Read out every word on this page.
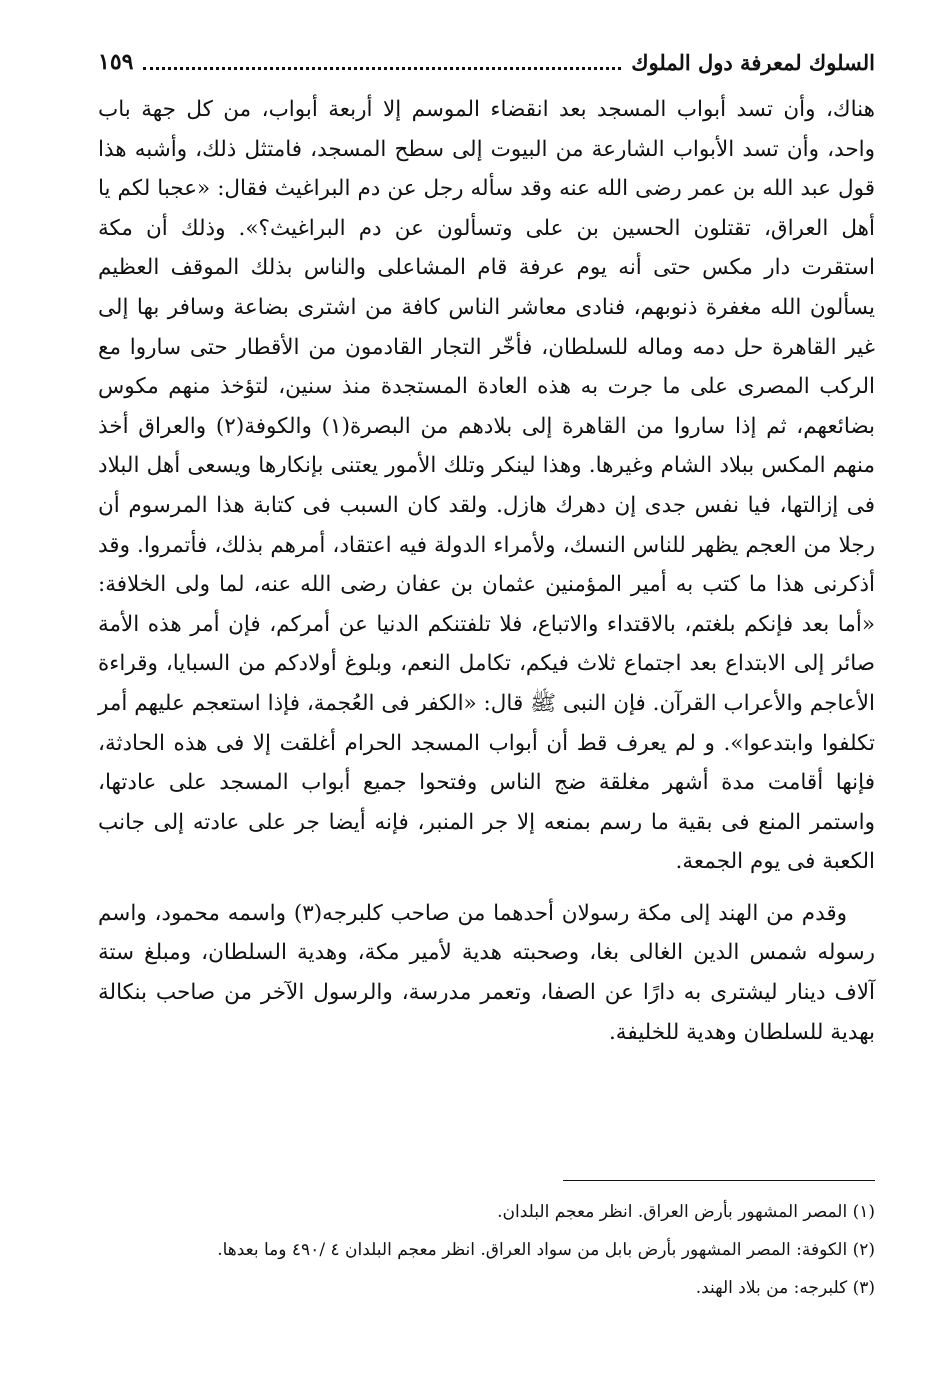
السلوك لمعرفة دول الملوك
١٥٩

هناك، وأن تسد أبواب المسجد بعد انقضاء الموسم إلا أربعة أبواب، من كل جهة باب واحد، وأن تسد الأبواب الشارعة من البيوت إلى سطح المسجد، فامتثل ذلك، وأشبه هذا قول عبد الله بن عمر رضى الله عنه وقد سأله رجل عن دم البراغيث فقال: «عجبا لكم يا أهل العراق، تقتلون الحسين بن على وتسألون عن دم البراغيث؟». وذلك أن مكة استقرت دار مكس حتى أنه يوم عرفة قام المشاعلى والناس بذلك الموقف العظيم يسألون الله مغفرة ذنوبهم، فنادى معاشر الناس كافة من اشترى بضاعة وسافر بها إلى غير القاهرة حل دمه وماله للسلطان، فأخّر التجار القادمون من الأقطار حتى ساروا مع الركب المصرى على ما جرت به هذه العادة المستجدة منذ سنين، لتؤخذ منهم مكوس بضائعهم، ثم إذا ساروا من القاهرة إلى بلادهم من البصرة(١) والكوفة(٢) والعراق أخذ منهم المكس ببلاد الشام وغيرها. وهذا لينكر وتلك الأمور يعتنى بإنكارها ويسعى أهل البلاد فى إزالتها، فيا نفس جدى إن دهرك هازل. ولقد كان السبب فى كتابة هذا المرسوم أن رجلا من العجم يظهر للناس النسك، ولأمراء الدولة فيه اعتقاد، أمرهم بذلك، فأتمروا. وقد أذكرنى هذا ما كتب به أمير المؤمنين عثمان بن عفان رضى الله عنه، لما ولى الخلافة: «أما بعد فإنكم بلغتم، بالاقتداء والاتباع، فلا تلفتنكم الدنيا عن أمركم، فإن أمر هذه الأمة صائر إلى الابتداع بعد اجتماع ثلاث فيكم، تكامل النعم، وبلوغ أولادكم من السبايا، وقراءة الأعاجم والأعراب القرآن. فإن النبى ﷺ قال: «الكفر فى العُجمة، فإذا استعجم عليهم أمر تكلفوا وابتدعوا». و لم يعرف قط أن أبواب المسجد الحرام أغلقت إلا فى هذه الحادثة، فإنها أقامت مدة أشهر مغلقة ضج الناس وفتحوا جميع أبواب المسجد على عادتها، واستمر المنع فى بقية ما رسم بمنعه إلا جر المنبر، فإنه أيضا جر على عادته إلى جانب الكعبة فى يوم الجمعة.

وقدم من الهند إلى مكة رسولان أحدهما من صاحب كلبرجه(٣) واسمه محمود، واسم رسوله شمس الدين الغالى بغا، وصحبته هدية لأمير مكة، وهدية السلطان، ومبلغ ستة آلاف دينار ليشترى به دارًا عن الصفا، وتعمر مدرسة، والرسول الآخر من صاحب بنكالة بهدية للسلطان وهدية للخليفة.

(١) المصر المشهور بأرض العراق. انظر معجم البلدان.

(٢) الكوفة: المصر المشهور بأرض بابل من سواد العراق. انظر معجم البلدان ٤ /٤٩٠ وما بعدها.

(٣) كلبرجه: من بلاد الهند.
